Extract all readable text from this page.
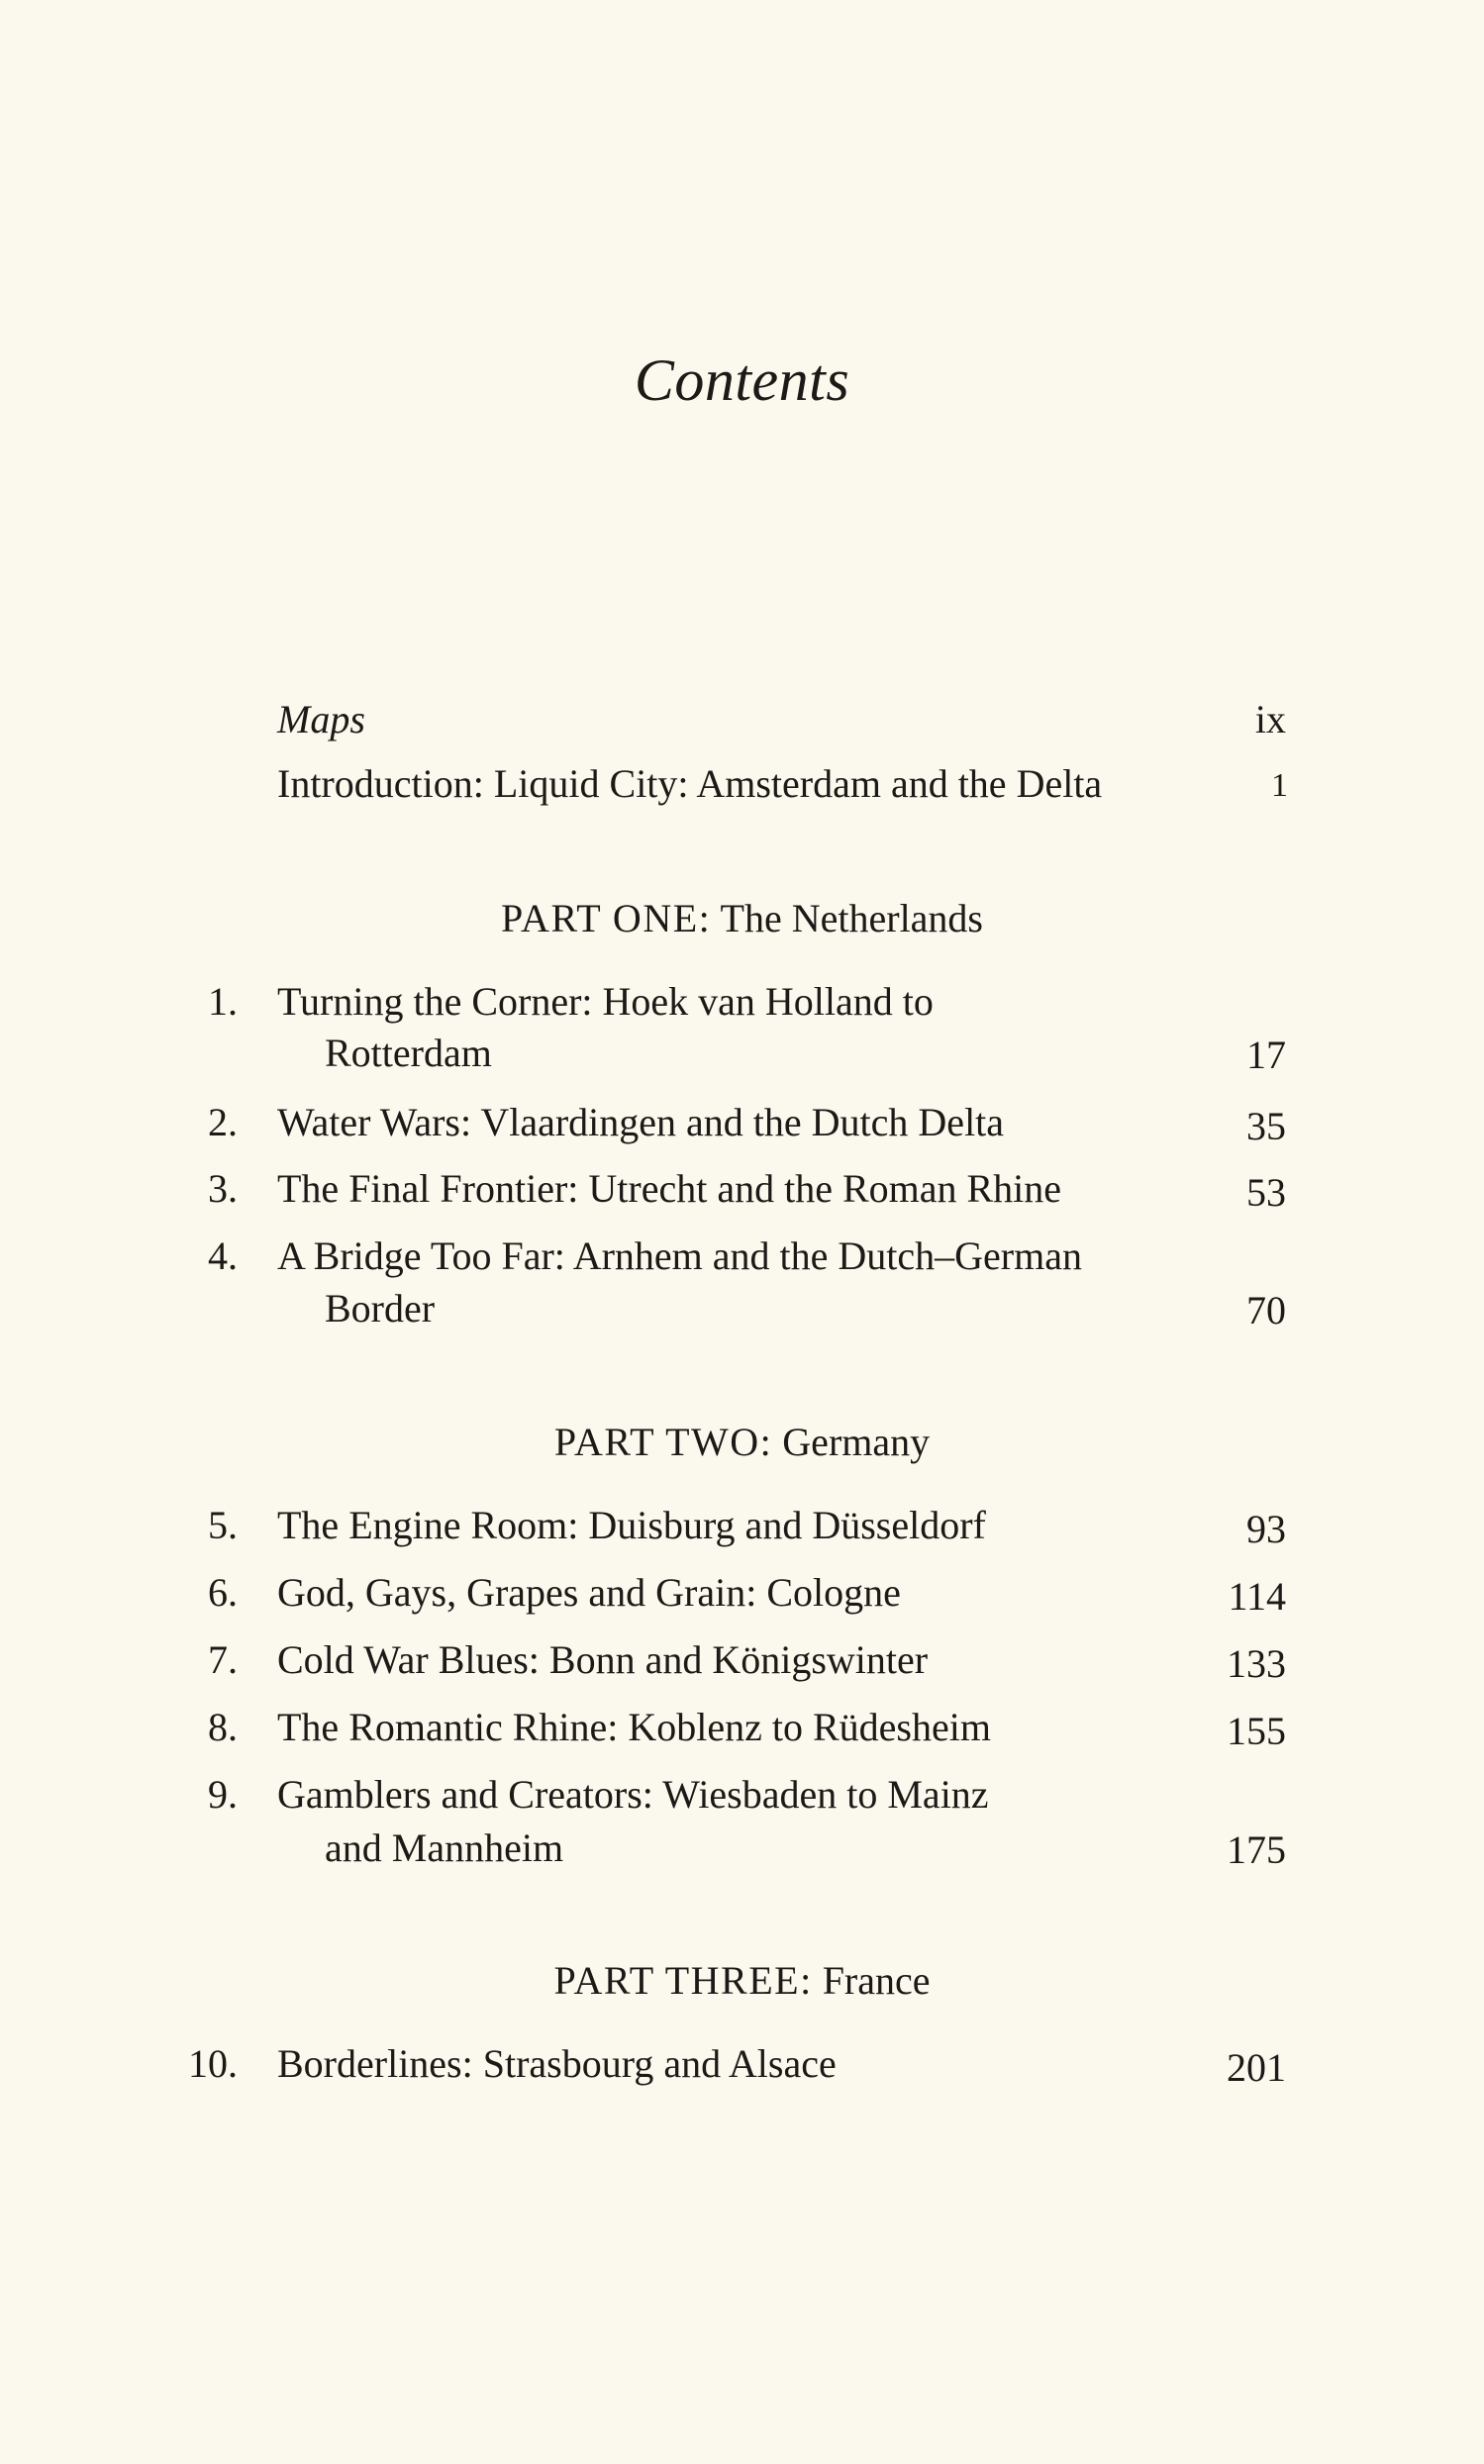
Contents
Maps	ix
Introduction: Liquid City: Amsterdam and the Delta	1
PART ONE: The Netherlands
1. Turning the Corner: Hoek van Holland to
Rotterdam	17
2. Water Wars: Vlaardingen and the Dutch Delta	35
3. The Final Frontier: Utrecht and the Roman Rhine	53
4. A Bridge Too Far: Arnhem and the Dutch–German
Border	70
PART TWO: Germany
5. The Engine Room: Duisburg and Düsseldorf	93
6. God, Gays, Grapes and Grain: Cologne	114
7. Cold War Blues: Bonn and Königswinter	133
8. The Romantic Rhine: Koblenz to Rüdesheim	155
9. Gamblers and Creators: Wiesbaden to Mainz
and Mannheim	175
PART THREE: France
10. Borderlines: Strasbourg and Alsace	201
